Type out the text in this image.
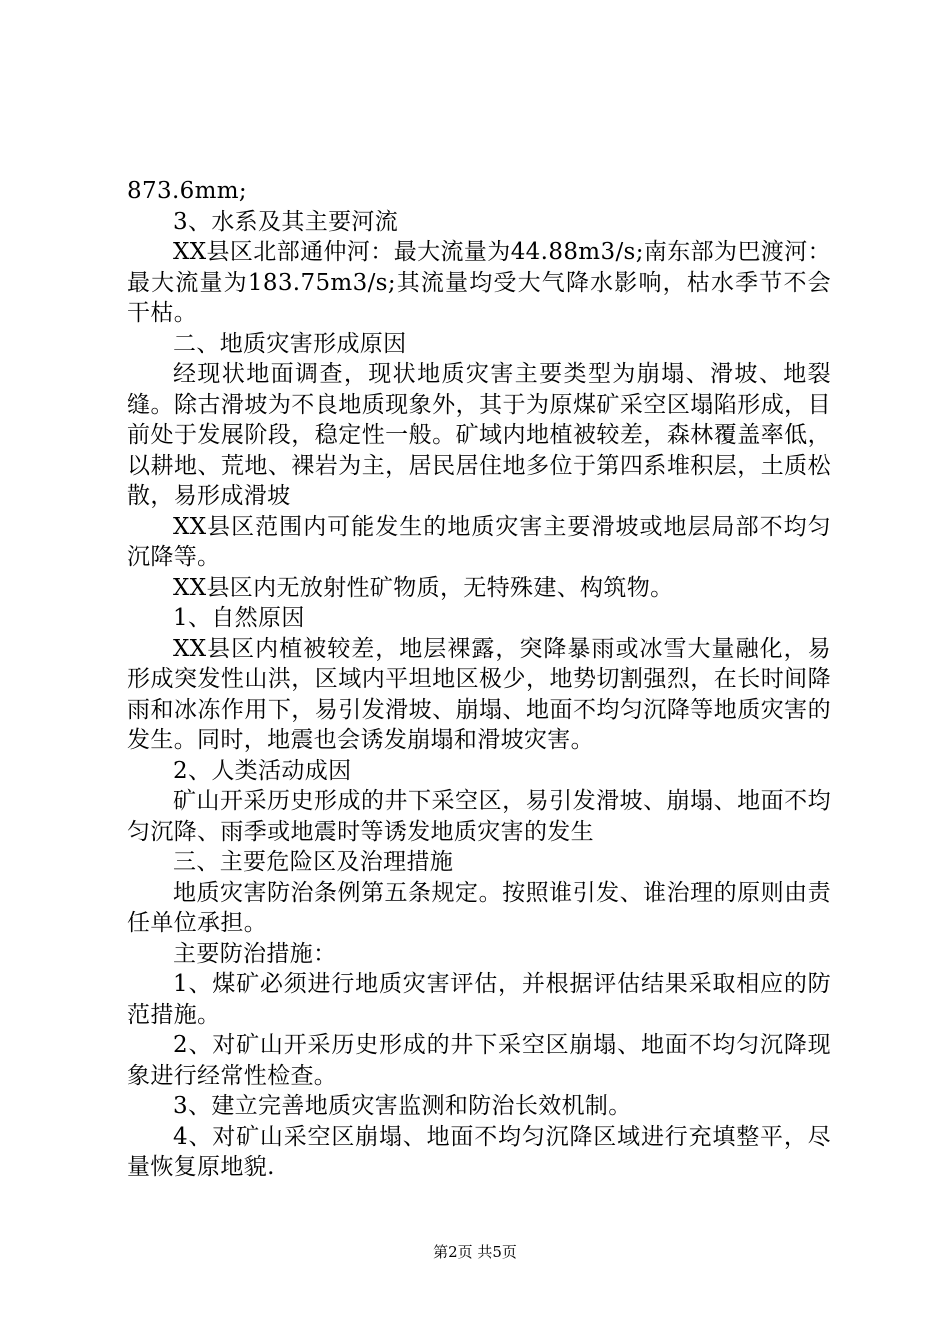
873.6mm;

3、水系及其主要河流

XX县区北部通仲河：最大流量为44.88m3/s;南东部为巴渡河：最大流量为183.75m3/s;其流量均受大气降水影响，枯水季节不会干枯。

二、地质灾害形成原因

经现状地面调查，现状地质灾害主要类型为崩塌、滑坡、地裂缝。除古滑坡为不良地质现象外，其于为原煤矿采空区塌陷形成，目前处于发展阶段，稳定性一般。矿域内地植被较差，森林覆盖率低，以耕地、荒地、裸岩为主，居民居住地多位于第四系堆积层，土质松散，易形成滑坡

XX县区范围内可能发生的地质灾害主要滑坡或地层局部不均匀沉降等。

XX县区内无放射性矿物质，无特殊建、构筑物。

1、自然原因

XX县区内植被较差，地层裸露，突降暴雨或冰雪大量融化，易形成突发性山洪，区域内平坦地区极少，地势切割强烈，在长时间降雨和冰冻作用下，易引发滑坡、崩塌、地面不均匀沉降等地质灾害的发生。同时，地震也会诱发崩塌和滑坡灾害。

2、人类活动成因

矿山开采历史形成的井下采空区，易引发滑坡、崩塌、地面不均匀沉降、雨季或地震时等诱发地质灾害的发生

三、主要危险区及治理措施

地质灾害防治条例第五条规定。按照谁引发、谁治理的原则由责任单位承担。

主要防治措施：

1、煤矿必须进行地质灾害评估，并根据评估结果采取相应的防范措施。

2、对矿山开采历史形成的井下采空区崩塌、地面不均匀沉降现象进行经常性检查。

3、建立完善地质灾害监测和防治长效机制。

4、对矿山采空区崩塌、地面不均匀沉降区域进行充填整平，尽量恢复原地貌.

第2页 共5页
